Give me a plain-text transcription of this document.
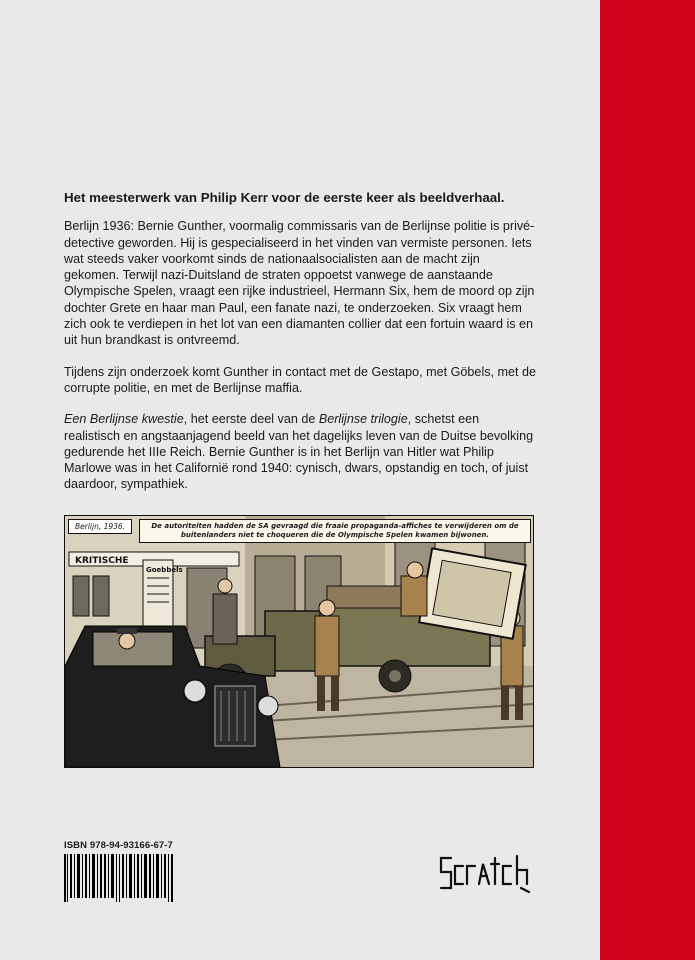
Het meesterwerk van Philip Kerr voor de eerste keer als beeldverhaal.

Berlijn 1936: Bernie Gunther, voormalig commissaris van de Berlijnse politie is privé-detective geworden. Hij is gespecialiseerd in het vinden van vermiste personen. Iets wat steeds vaker voorkomt sinds de nationaalsocialisten aan de macht zijn gekomen. Terwijl nazi-Duitsland de straten oppoetst vanwege de aanstaande Olympische Spelen, vraagt een rijke industrieel, Hermann Six, hem de moord op zijn dochter Grete en haar man Paul, een fanate nazi, te onderzoeken. Six vraagt hem zich ook te verdiepen in het lot van een diamanten collier dat een fortuin waard is en uit hun brandkast is ontvreemd.

Tijdens zijn onderzoek komt Gunther in contact met de Gestapo, met Göbels, met de corrupte politie, en met de Berlijnse maffia.

Een Berlijnse kwestie, het eerste deel van de Berlijnse trilogie, schetst een realistisch en angstaanjagend beeld van het dagelijks leven van de Duitse bevolking gedurende het IIIe Reich. Bernie Gunther is in het Berlijn van Hitler wat Philip Marlowe was in het Californië rond 1940: cynisch, dwars, opstandig en toch, of juist daardoor, sympathiek.

KRITISCHE
Goebbels
Berlijn, 1936.	De autoriteiten hadden de SA gevraagd die fraaie propaganda-affiches te verwijderen om de buitenlanders niet te choqueren die de Olympische Spelen kwamen bijwonen.
ISBN 978-94-93166-67-7
